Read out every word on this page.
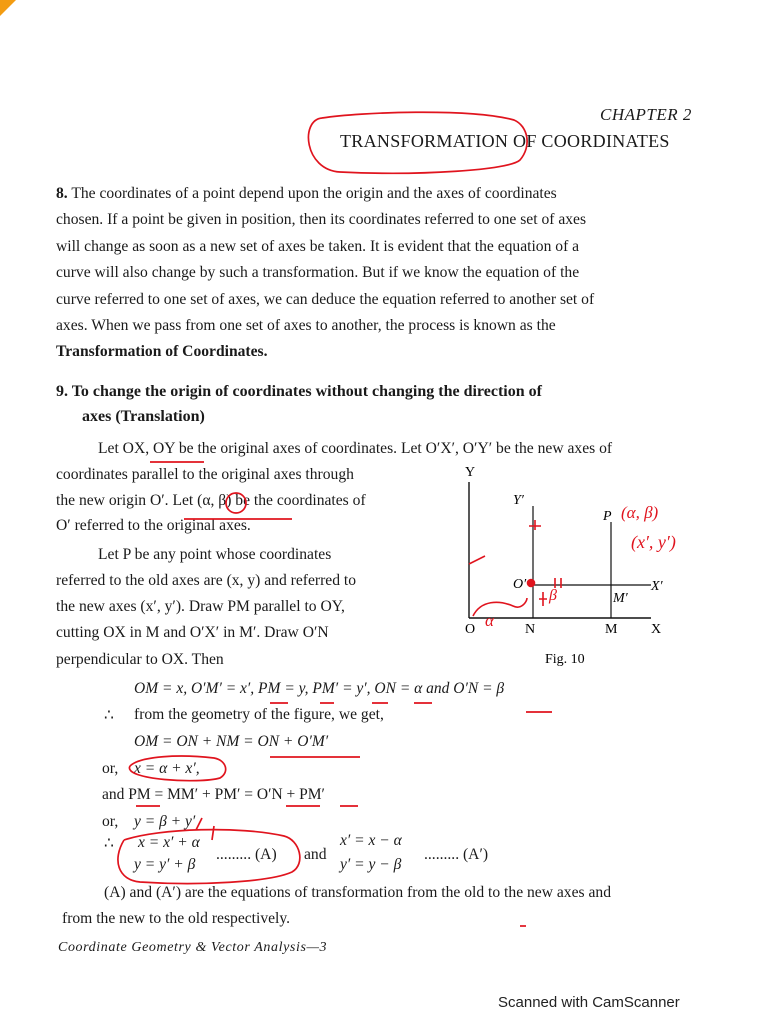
CHAPTER 2
TRANSFORMATION OF COORDINATES
8. The coordinates of a point depend upon the origin and the axes of coordinates
chosen. If a point be given in position, then its coordinates referred to one set of axes
will change as soon as a new set of axes be taken. It is evident that the equation of a
curve will also change by such a transformation. But if we know the equation of the
curve referred to one set of axes, we can deduce the equation referred to another set of
axes. When we pass from one set of axes to another, the process is known as the
Transformation of Coordinates.
9. To change the origin of coordinates without changing the direction of
axes (Translation)
Let OX, OY be the original axes of coordinates. Let O′X′, O′Y′ be the new axes of
coordinates parallel to the original axes through
the new origin O′. Let (α, β) be the coordinates of
O′ referred to the original axes.
Let P be any point whose coordinates
referred to the old axes are (x, y) and referred to
the new axes (x′, y′). Draw PM parallel to OY,
cutting OX in M and O′X′ in M′. Draw O′N
perpendicular to OX. Then
Y
Y′
P
O′	X′
M′
O	N	M X
Fig. 10
α
β
(α, β)
(x′, y′)
OM = x, O′M′ = x′, PM = y, PM′ = y′, ON = α and O′N = β
∴ from the geometry of the figure, we get,
OM = ON + NM = ON + O′M′
or, x = α + x′,
and PM = MM′ + PM′ = O′N + PM′
or, y = β + y′
∴ x = x′ + α
y = y′ + β
......... (A) and
x′ = x − α
y′ = y − β
......... (A′)
(A) and (A′) are the equations of transformation from the old to the new axes and
from the new to the old respectively.
Coordinate Geometry & Vector Analysis—3
Scanned with CamScanner
